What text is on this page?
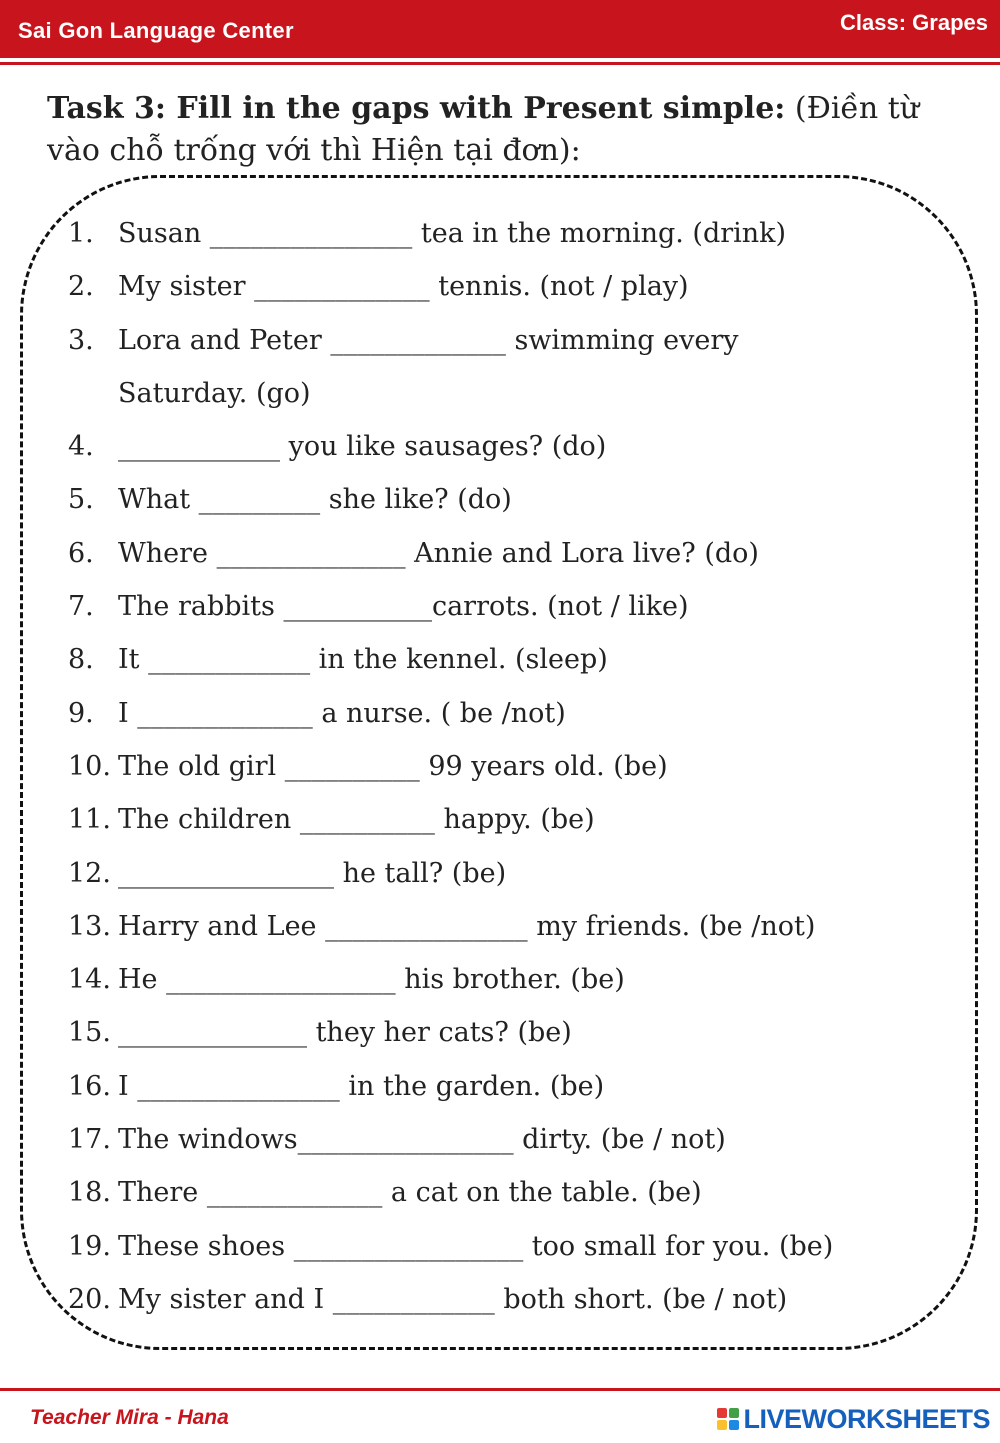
Sai Gon Language Center	Class: Grapes
Task 3: Fill in the gaps with Present simple: (Điền từ vào chỗ trống với thì Hiện tại đơn):
1. Susan _______________ tea in the morning. (drink)
2. My sister _____________ tennis. (not / play)
3. Lora and Peter _____________ swimming every
Saturday. (go)
4. ____________ you like sausages? (do)
5. What _________ she like? (do)
6. Where ______________ Annie and Lora live? (do)
7. The rabbits ___________carrots. (not / like)
8. It ____________ in the kennel. (sleep)
9. I _____________ a nurse. ( be /not)
10. The old girl __________ 99 years old. (be)
11. The children __________ happy. (be)
12. ________________ he tall? (be)
13. Harry and Lee _______________ my friends. (be /not)
14. He _________________ his brother. (be)
15. ______________ they her cats? (be)
16. I _______________ in the garden. (be)
17. The windows________________ dirty. (be / not)
18. There _____________ a cat on the table. (be)
19. These shoes _________________ too small for you. (be)
20. My sister and I ____________ both short. (be / not)
Teacher Mira - Hana	LIVEWORKSHEETS
